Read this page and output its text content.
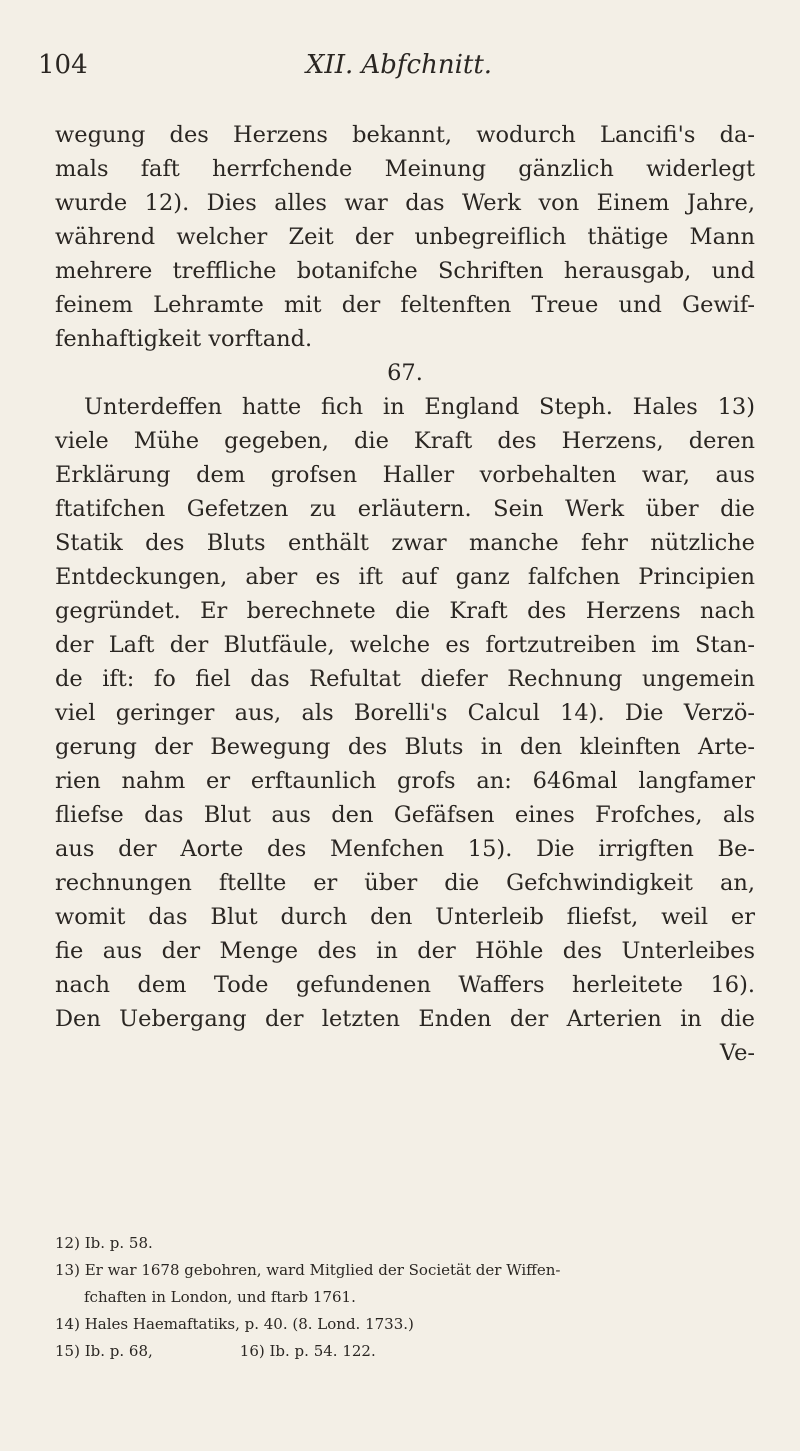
104	XII. Abfchnitt.
wegung des Herzens bekannt, wodurch Lancifi's da-
mals faft herrfchende Meinung gänzlich widerlegt
wurde 12). Dies alles war das Werk von Einem Jahre,
während welcher Zeit der unbegreiflich thätige Mann
mehrere treffliche botanifche Schriften herausgab, und
feinem Lehramte mit der feltenften Treue und Gewif-
fenhaftigkeit vorftand.
67.
Unterdeffen hatte fich in England Steph. Hales 13)
viele Mühe gegeben, die Kraft des Herzens, deren
Erklärung dem grofsen Haller vorbehalten war, aus
ftatifchen Gefetzen zu erläutern. Sein Werk über die
Statik des Bluts enthält zwar manche fehr nützliche
Entdeckungen, aber es ift auf ganz falfchen Principien
gegründet. Er berechnete die Kraft des Herzens nach
der Laft der Blutfäule, welche es fortzutreiben im Stan-
de ift: fo fiel das Refultat diefer Rechnung ungemein
viel geringer aus, als Borelli's Calcul 14). Die Verzö-
gerung der Bewegung des Bluts in den kleinften Arte-
rien nahm er erftaunlich grofs an: 646mal langfamer
fliefse das Blut aus den Gefäfsen eines Frofches, als
aus der Aorte des Menfchen 15). Die irrigften Be-
rechnungen ftellte er über die Gefchwindigkeit an,
womit das Blut durch den Unterleib fliefst, weil er
fie aus der Menge des in der Höhle des Unterleibes
nach dem Tode gefundenen Waffers herleitete 16).
Den Uebergang der letzten Enden der Arterien in die
Ve-
12) Ib. p. 58.
13) Er war 1678 gebohren, ward Mitglied der Societät der Wiffen-
fchaften in London, und ftarb 1761.
14) Hales Haemaftatiks, p. 40. (8. Lond. 1733.)
15) Ib. p. 68,	16) Ib. p. 54. 122.
